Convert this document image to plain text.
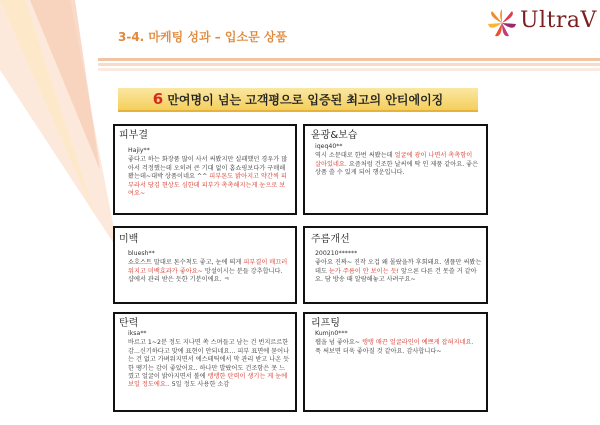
3-4. 마케팅 성과 – 입소문 상품
UltraV
6 만여명이 넘는 고객평으로 입증된 최고의 안티에이징
피부결
Hajiy**
좋다고 하는 화장품 많이 사서 써봤지만 실패했던 경우가 많아서 걱정했는데 오히려 큰 기대 없이 홈쇼핑보다가 구매해봤는데~대박 상품이네요 ^^ 피부톤도 밝아지고 약간씩 피부라서 당김 현상도 심한데 피부가 촉촉해지는게 눈으로 보여요~
윤광&보습
iqeq40**
역시 소문대로 한번 써봤는데 얼굴에 광이 나면서 촉촉함이 살아있네요. 요즘처럼 건조한 날씨에 딱 인 제품 같아요. 좋은 상품 쓸 수 있게 되어 행운입니다.
미백
bluesh**
쇼호스트 말대로 톤수척도 좋고, 눈에 띄게 피부결이 매끄러워지고 미백효과가 좋아요~ 망설이시는 분들 강추합니다. 샵에서 관리 받은 듯한 기분이에요. ㅋ
주름개선
200210******
좋아요 진짜~ 진작 오겁 왜 몰랐을까 후회돼요. 샘플만 써봤는데도 눈가 주름이 안 보이는 듯! 앞으론 다른 건 못쓸 거 같아요. 담 방송 때 알람해놓고 사려구요~
탄력
iksa**
바르고 1~2분 정도 지나면 쏙 스며들고 남는 건 번지르르한 감...신기하다고 맞에 표현이 안되네요... 피부 표면에 묻어나는 건 없고 가벼워지면서 에스테틱에서 막 관리 받고 나온 듯한 땡기는 감이 좋았어요.. 하나만 발랐어도 건조함은 못 느꼈고 얼굴이 밝아지면서 볼에 탱탱한 탄력이 생기는 게 눈에 보일 정도에요.. 5일 정도 사용한 소감
리프팅
Kumjn0***
웹을 넘 좋아요~ 탱탱 매끈 얼굴라인이 예쁘게 잡혀지네요. 푹 써보면 더욱 좋아질 것 같아요. 감사합니다~
